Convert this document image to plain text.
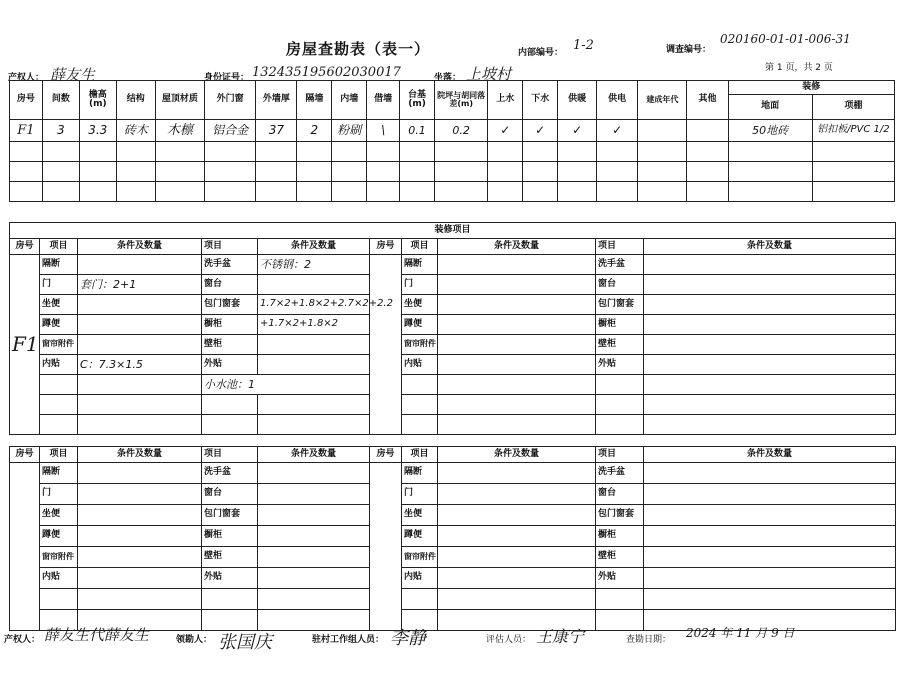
房屋查勘表（表一）	内部编号： 1-2	调查编号：
020160-01-01-006-31
第 1 页，共 2 页
产权人： 薛友生	身份证号： 132435195602030017	坐落： 上坡村
房号	间数	檐高(m)	结构	屋顶材质	外门窗	外墙厚	隔墙	内墙	借墙	台基(m)	院坪与胡同落差(m)	上水	下水	供暖	供电	建成年代	其他	装修	
																		地面	项棚
F1	3	3.3	砖木	木檩	铝合金	37	2	粉刷	\	0.1	0.2	✓	✓	✓	✓			50地砖	铝扣板/PVC 1/2

装修项目									
房号	项目	条件及数量	项目	条件及数量	房号	项目	条件及数量	项目	条件及数量
F1	隔断		洗手盆	不锈钢：2		隔断		洗手盆	
	门	套门：2+1	窗台			门		窗台	
	坐便		包门窗套	1.7×2+1.8×2+2.7×2+2.2		坐便		包门窗套	
	蹲便		橱柜	+1.7×2+1.8×2		蹲便		橱柜	
	窗帘附件		壁柜			窗帘附件		壁柜	
	内贴	C：7.3×1.5	外贴			内贴		外贴	
			小水池：1						

房号	项目	条件及数量	项目	条件及数量	房号	项目	条件及数量	项目	条件及数量
	隔断		洗手盆			隔断		洗手盆	
	门		窗台			门		窗台	
	坐便		包门窗套			坐便		包门窗套	
	蹲便		橱柜			蹲便		橱柜	
	窗帘附件		壁柜			窗帘附件		壁柜	
	内贴		外贴			内贴		外贴	

产权人： 薛友生代薛友生	领勘人： 张国庆	驻村工作组人员： 李静	评估人员： 王康宁	查勘日期： 2024 年 11 月 9 日
